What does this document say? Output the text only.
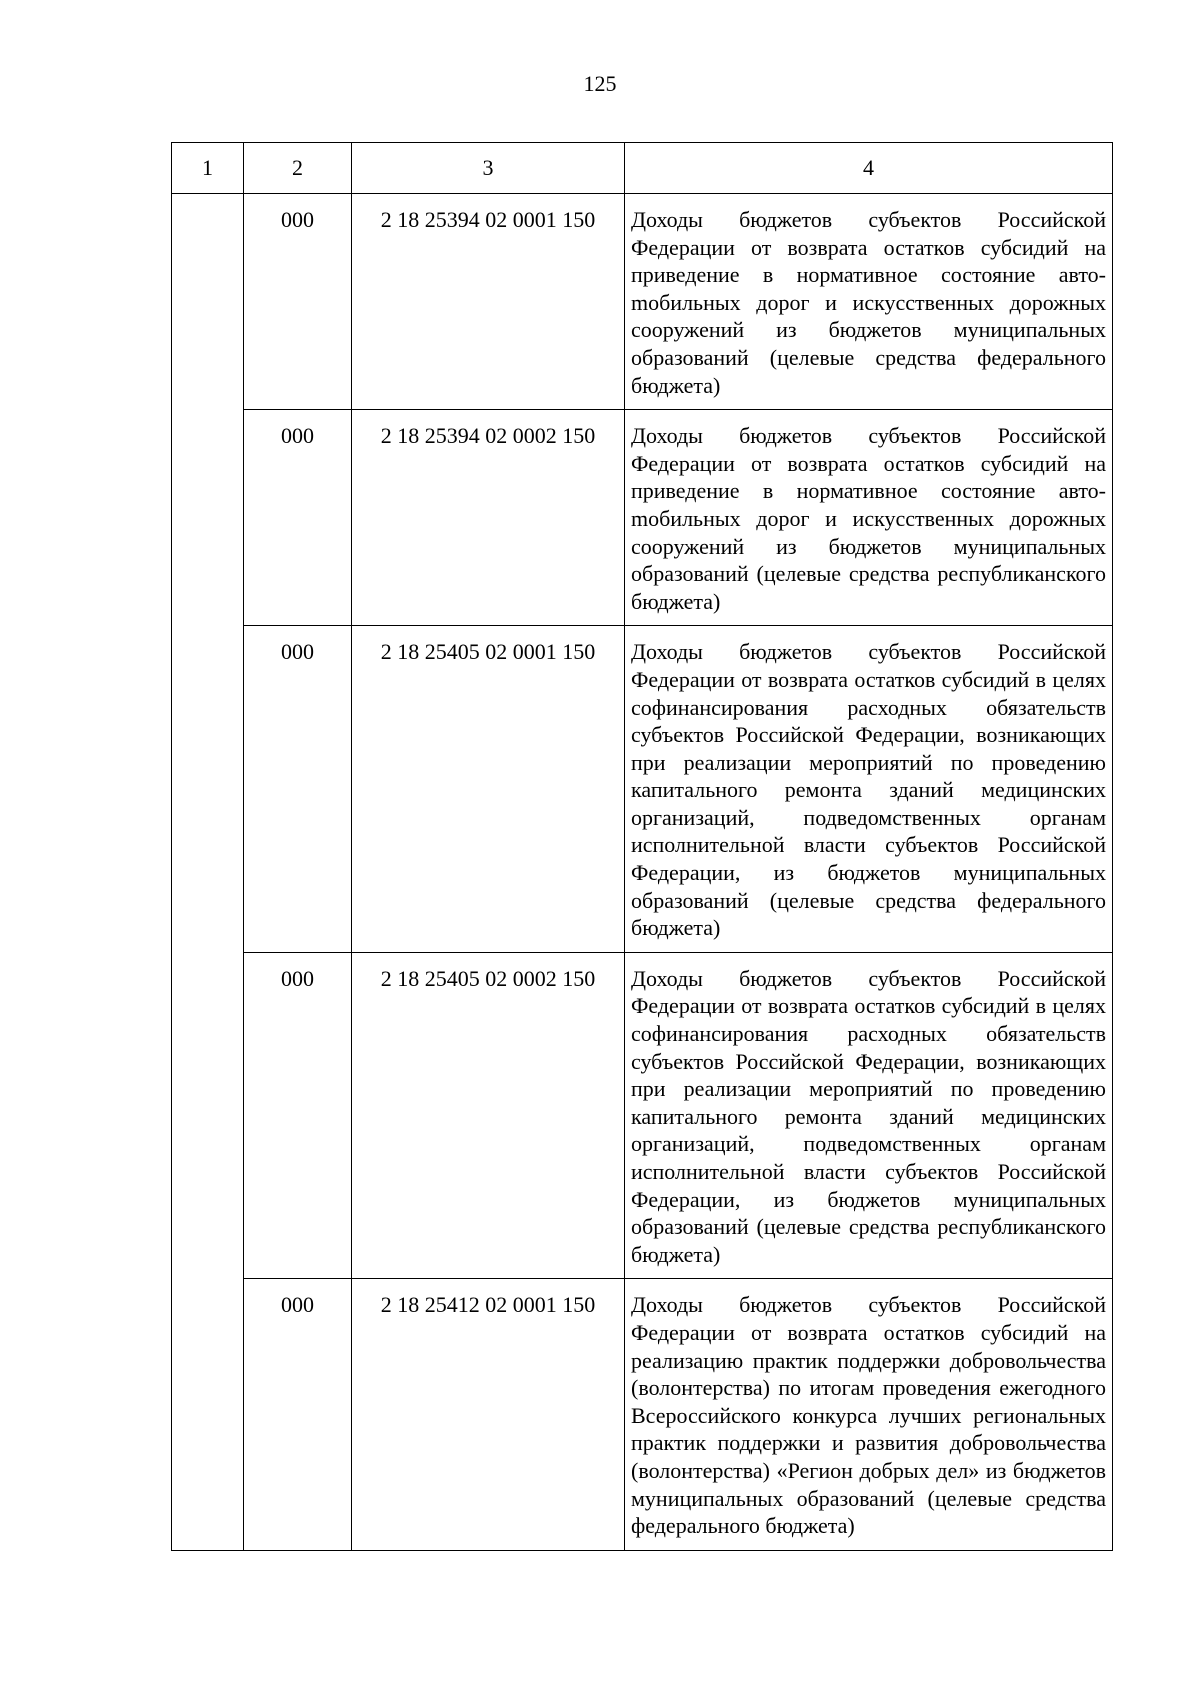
125
1	2	3	4
	000	2 18 25394 02 0001 150	Доходы бюджетов субъектов Российской Федерации от возврата остатков субсидий на приведение в нормативное состояние автоmобильных дорог и искусственных дорожных сооружений из бюджетов муниципальных образований (целевые средства федерального бюджета)
	000	2 18 25394 02 0002 150	Доходы бюджетов субъектов Российской Федерации от возврата остатков субсидий на приведение в нормативное состояние автоmобильных дорог и искусственных дорожных сооружений из бюджетов муниципальных образований (целевые средства республиканского бюджета)
	000	2 18 25405 02 0001 150	Доходы бюджетов субъектов Российской Федерации от возврата остатков субсидий в целях софинансирования расходных обязательств субъектов Российской Федерации, возникающих при реализации мероприятий по проведению капитального ремонта зданий медицинских организаций, подведомственных органам исполнительной власти субъектов Российской Федерации, из бюджетов муниципальных образований (целевые средства федерального бюджета)
	000	2 18 25405 02 0002 150	Доходы бюджетов субъектов Российской Федерации от возврата остатков субсидий в целях софинансирования расходных обязательств субъектов Российской Федерации, возникающих при реализации мероприятий по проведению капитального ремонта зданий медицинских организаций, подведомственных органам исполнительной власти субъектов Российской Федерации, из бюджетов муниципальных образований (целевые средства республиканского бюджета)
	000	2 18 25412 02 0001 150	Доходы бюджетов субъектов Российской Федерации от возврата остатков субсидий на реализацию практик поддержки добровольчества (волонтерства) по итогам проведения ежегодного Всероссийского конкурса лучших региональных практик поддержки и развития добровольчества (волонтерства) «Регион добрых дел» из бюджетов муниципальных образований (целевые средства федерального бюджета)
